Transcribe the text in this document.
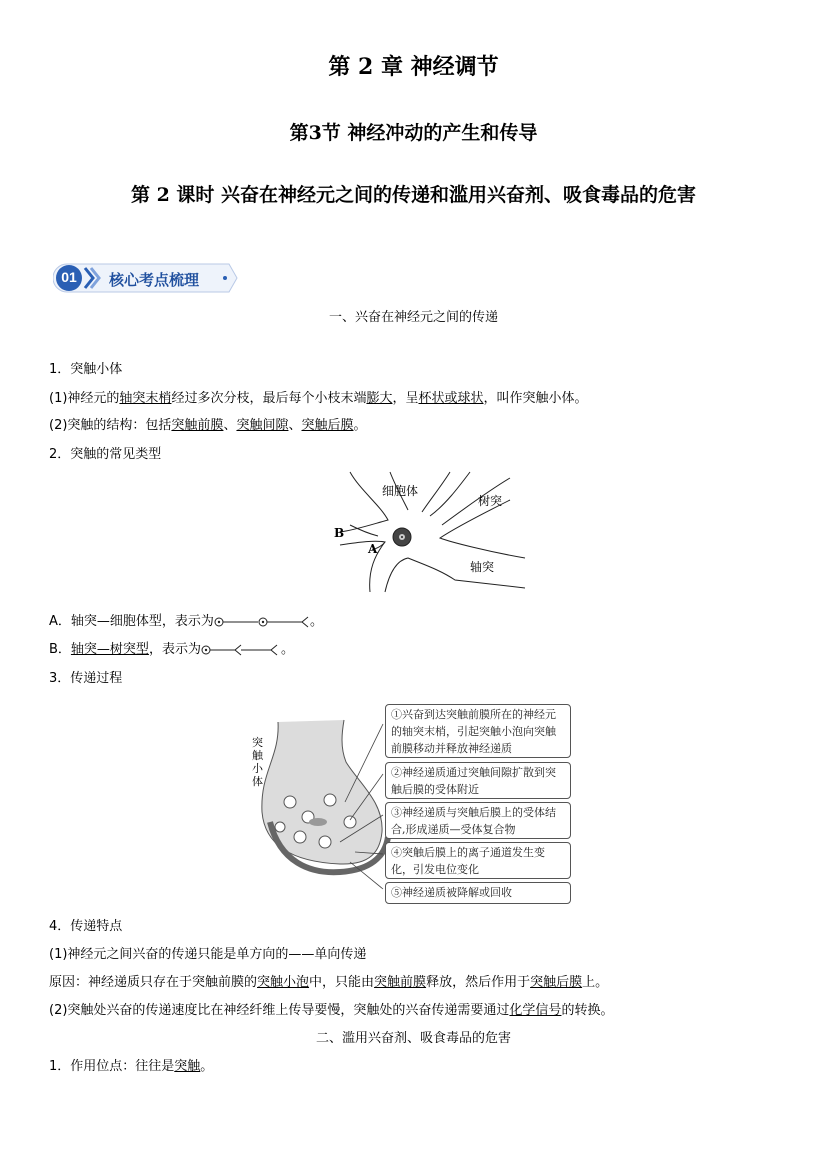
第 2 章 神经调节
第3节 神经冲动的产生和传导
第 2 课时 兴奋在神经元之间的传递和滥用兴奋剂、吸食毒品的危害
01 核心考点梳理
一、兴奋在神经元之间的传递
1．突触小体
(1)神经元的轴突末梢经过多次分枝，最后每个小枝末端膨大，呈杯状或球状，叫作突触小体。
(2)突触的结构：包括突触前膜、突触间隙、突触后膜。
2．突触的常见类型
细胞体
树突
轴突
B
A
A．轴突—细胞体型，表示为	。
B．轴突—树突型，表示为	。
3．传递过程
突触小体
①兴奋到达突触前膜所在的神经元的轴突末梢，引起突触小泡向突触前膜移动并释放神经递质
②神经递质通过突触间隙扩散到突触后膜的受体附近
③神经递质与突触后膜上的受体结合,形成递质—受体复合物
④突触后膜上的离子通道发生变化，引发电位变化
⑤神经递质被降解或回收
4．传递特点
(1)神经元之间兴奋的传递只能是单方向的——单向传递
原因：神经递质只存在于突触前膜的突触小泡中，只能由突触前膜释放，然后作用于突触后膜上。
(2)突触处兴奋的传递速度比在神经纤维上传导要慢，突触处的兴奋传递需要通过化学信号的转换。
二、滥用兴奋剂、吸食毒品的危害
1．作用位点：往往是突触。
